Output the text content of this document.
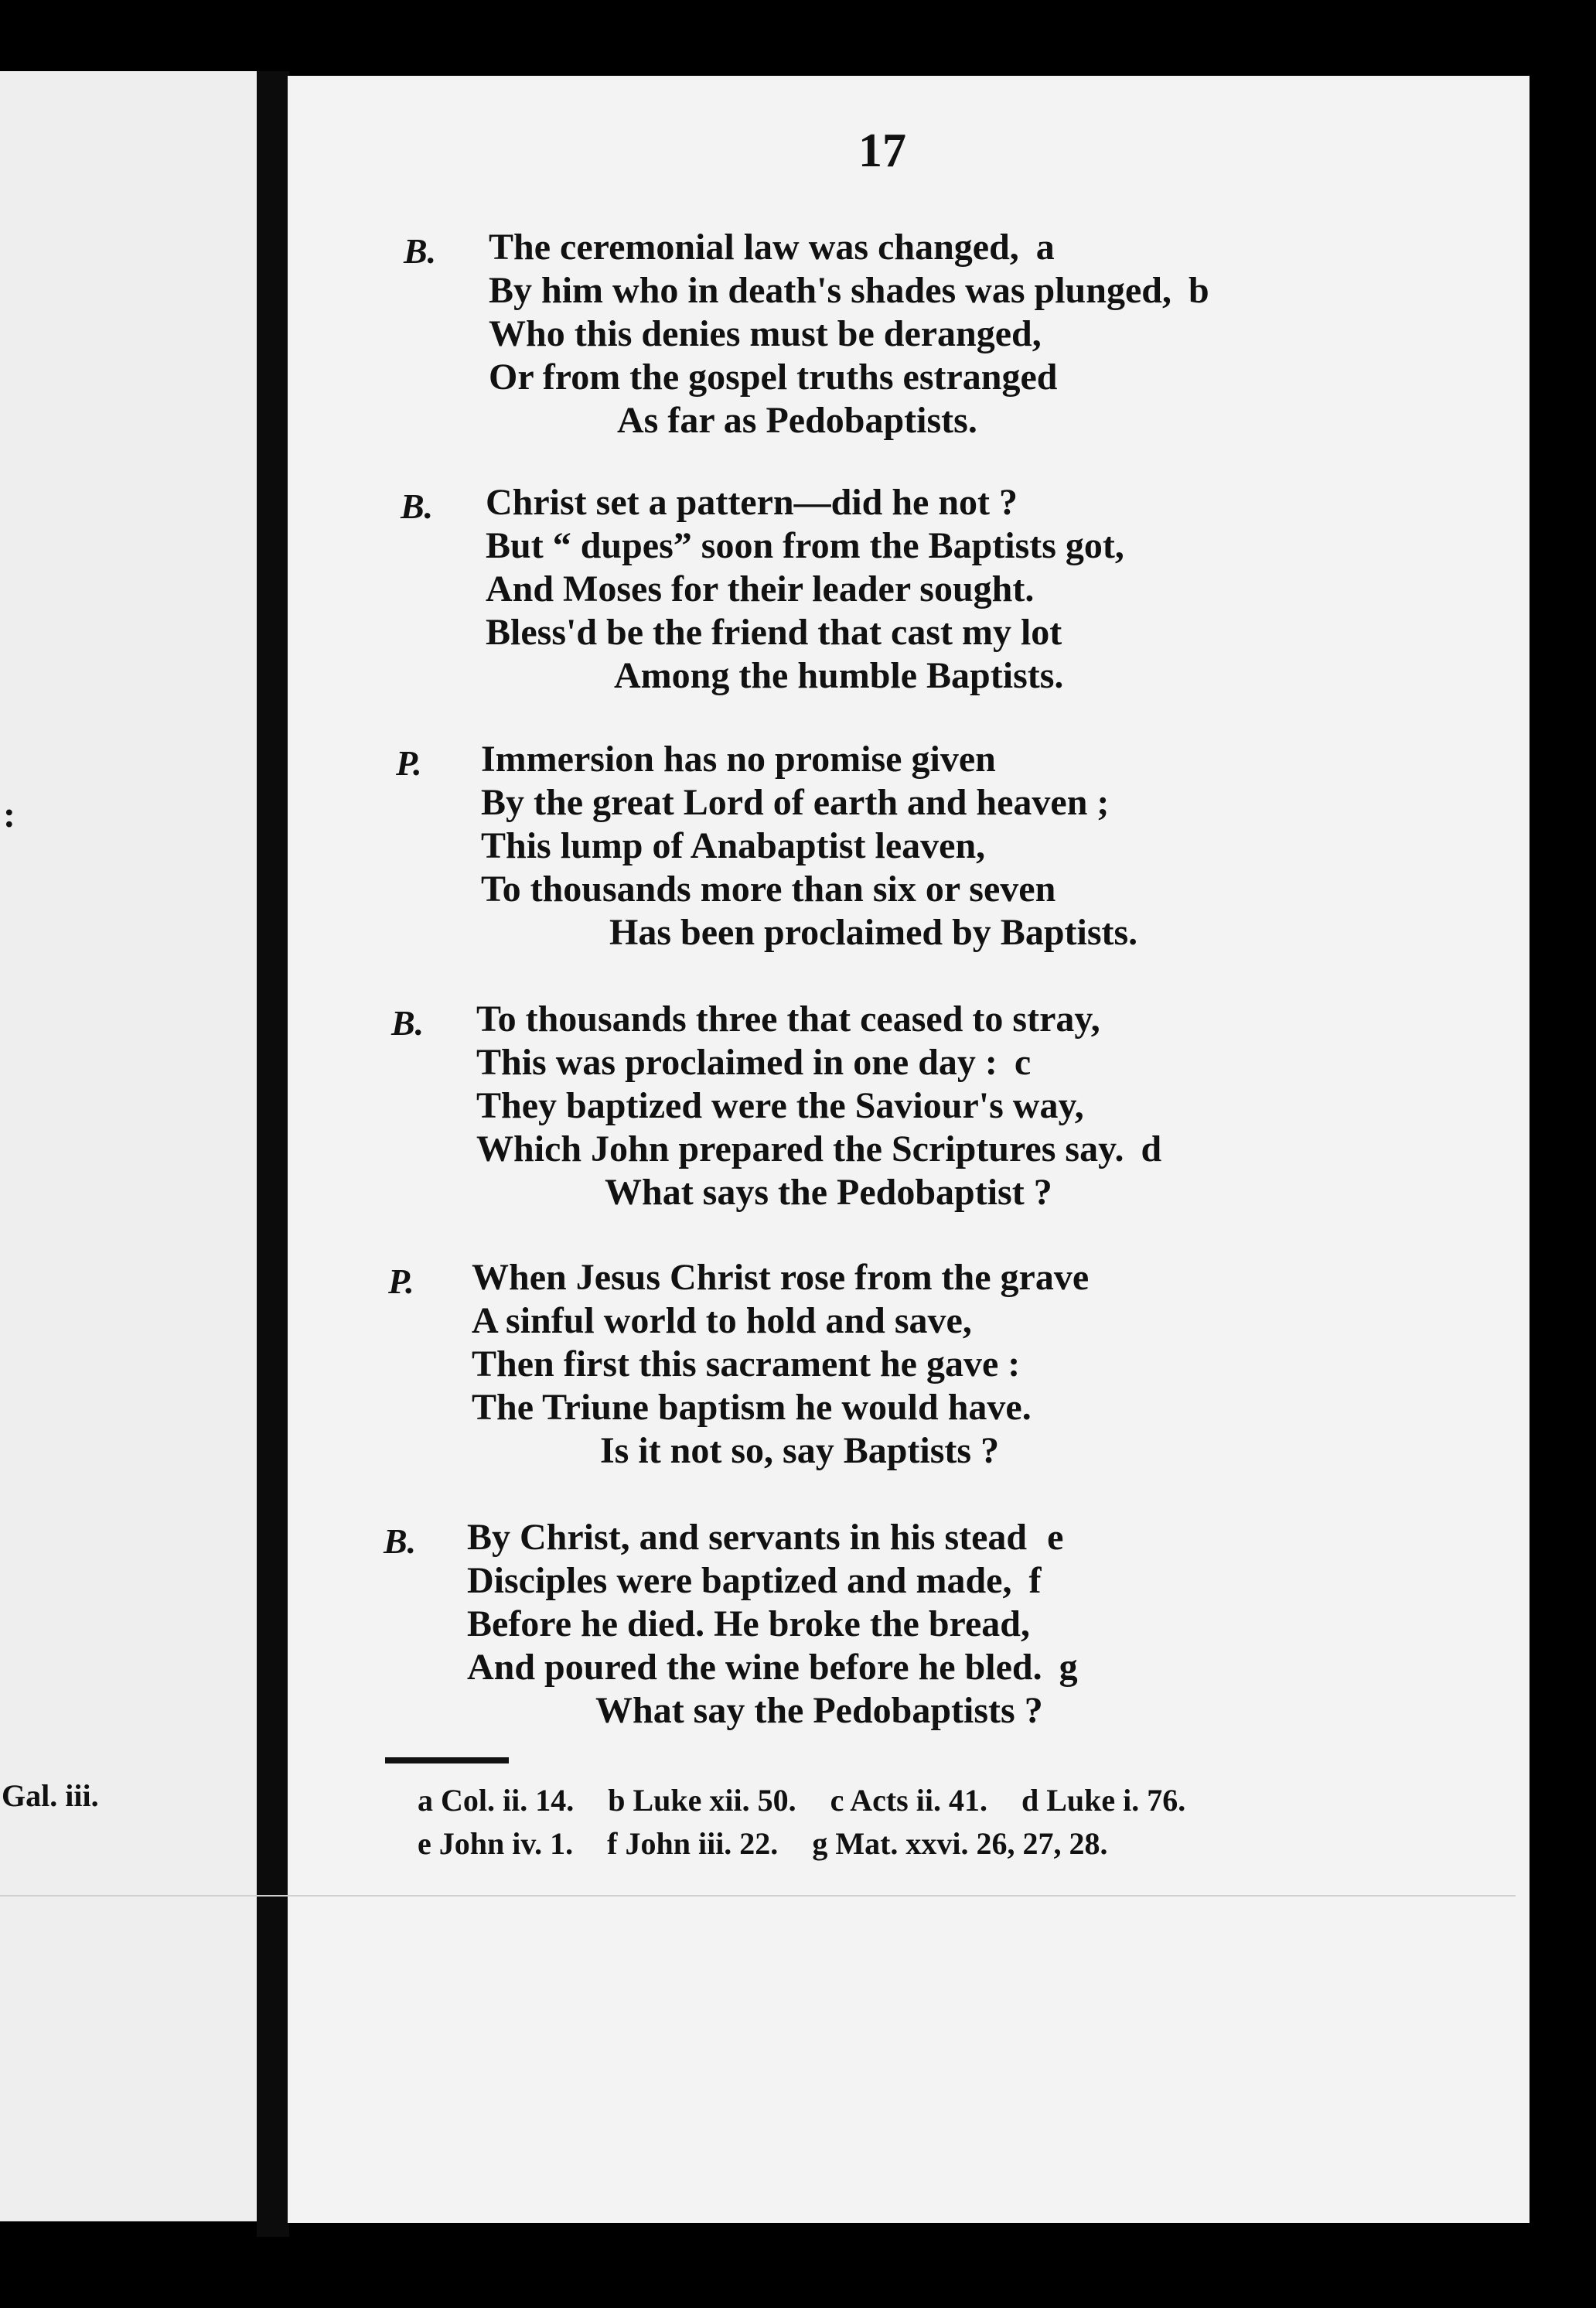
:
Gal. iii.
17
B. The ceremonial law was changed, a
By him who in death's shades was plunged, b
Who this denies must be deranged,
Or from the gospel truths estranged
As far as Pedobaptists.
B. Christ set a pattern—did he not ?
But “ dupes” soon from the Baptists got,
And Moses for their leader sought.
Bless'd be the friend that cast my lot
Among the humble Baptists.
P. Immersion has no promise given
By the great Lord of earth and heaven ;
This lump of Anabaptist leaven,
To thousands more than six or seven
Has been proclaimed by Baptists.
B. To thousands three that ceased to stray,
This was proclaimed in one day : c
They baptized were the Saviour's way,
Which John prepared the Scriptures say. d
What says the Pedobaptist ?
P. When Jesus Christ rose from the grave
A sinful world to hold and save,
Then first this sacrament he gave :
The Triune baptism he would have.
Is it not so, say Baptists ?
B. By Christ, and servants in his stead e
Disciples were baptized and made, f
Before he died. He broke the bread,
And poured the wine before he bled. g
What say the Pedobaptists ?
a Col. ii. 14. b Luke xii. 50. c Acts ii. 41. d Luke i. 76.
e John iv. 1. f John iii. 22. g Mat. xxvi. 26, 27, 28.
